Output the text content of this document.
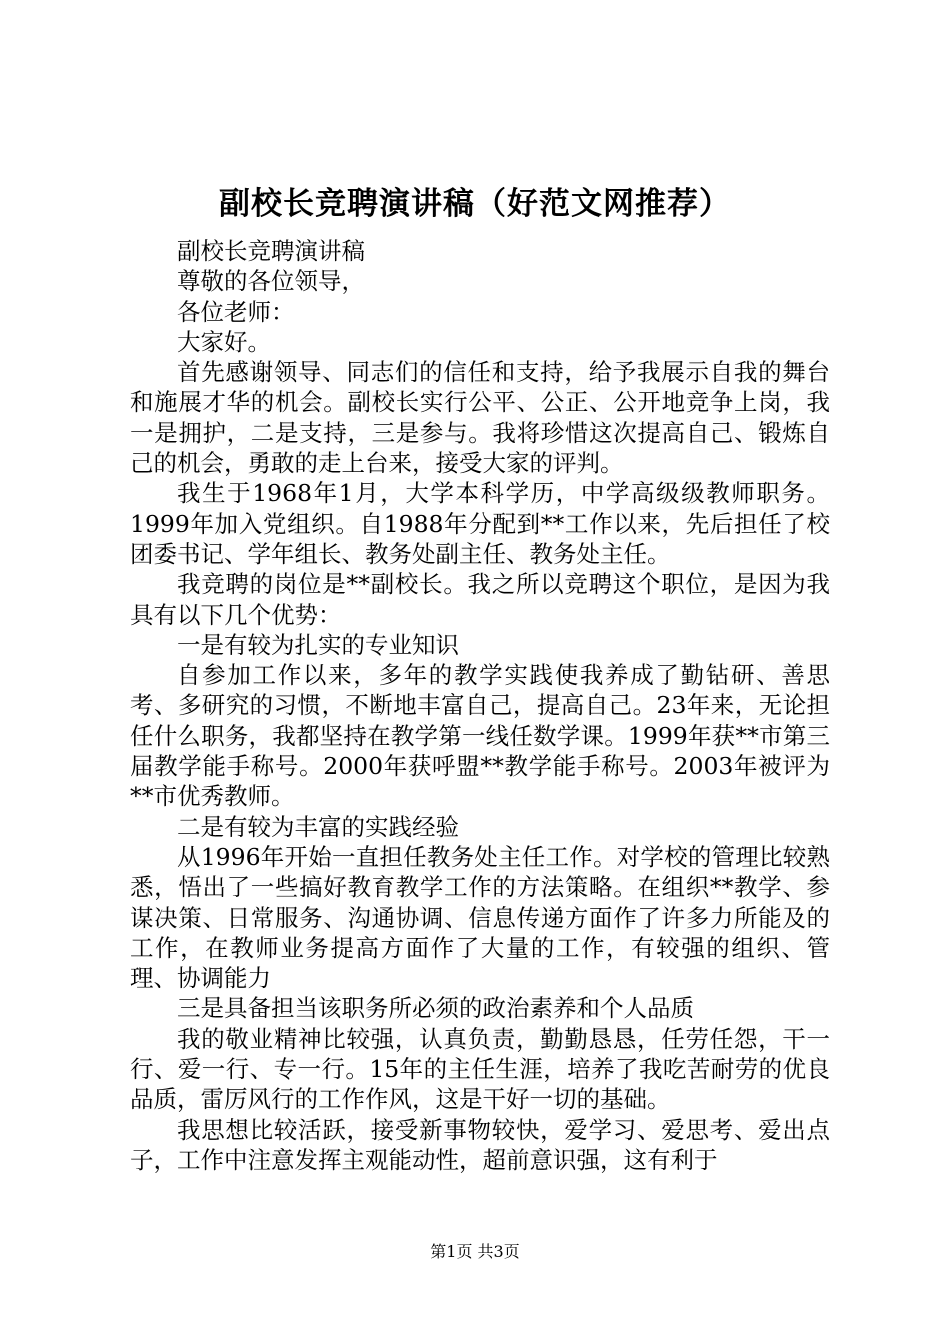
副校长竞聘演讲稿（好范文网推荐）

副校长竞聘演讲稿

尊敬的各位领导，

各位老师：

大家好。

首先感谢领导、同志们的信任和支持，给予我展示自我的舞台和施展才华的机会。副校长实行公平、公正、公开地竞争上岗，我一是拥护，二是支持，三是参与。我将珍惜这次提高自己、锻炼自己的机会，勇敢的走上台来，接受大家的评判。

我生于1968年1月，大学本科学历，中学高级级教师职务。1999年加入党组织。自1988年分配到**工作以来，先后担任了校团委书记、学年组长、教务处副主任、教务处主任。

我竞聘的岗位是**副校长。我之所以竞聘这个职位，是因为我具有以下几个优势：

一是有较为扎实的专业知识

自参加工作以来，多年的教学实践使我养成了勤钻研、善思考、多研究的习惯，不断地丰富自己，提高自己。23年来，无论担任什么职务，我都坚持在教学第一线任数学课。1999年获**市第三届教学能手称号。2000年获呼盟**教学能手称号。2003年被评为**市优秀教师。

二是有较为丰富的实践经验

从1996年开始一直担任教务处主任工作。对学校的管理比较熟悉，悟出了一些搞好教育教学工作的方法策略。在组织**教学、参谋决策、日常服务、沟通协调、信息传递方面作了许多力所能及的工作，在教师业务提高方面作了大量的工作，有较强的组织、管理、协调能力

三是具备担当该职务所必须的政治素养和个人品质

我的敬业精神比较强，认真负责，勤勤恳恳，任劳任怨，干一行、爱一行、专一行。15年的主任生涯，培养了我吃苦耐劳的优良品质，雷厉风行的工作作风，这是干好一切的基础。

我思想比较活跃，接受新事物较快，爱学习、爱思考、爱出点子，工作中注意发挥主观能动性，超前意识强，这有利于

第1页 共3页
